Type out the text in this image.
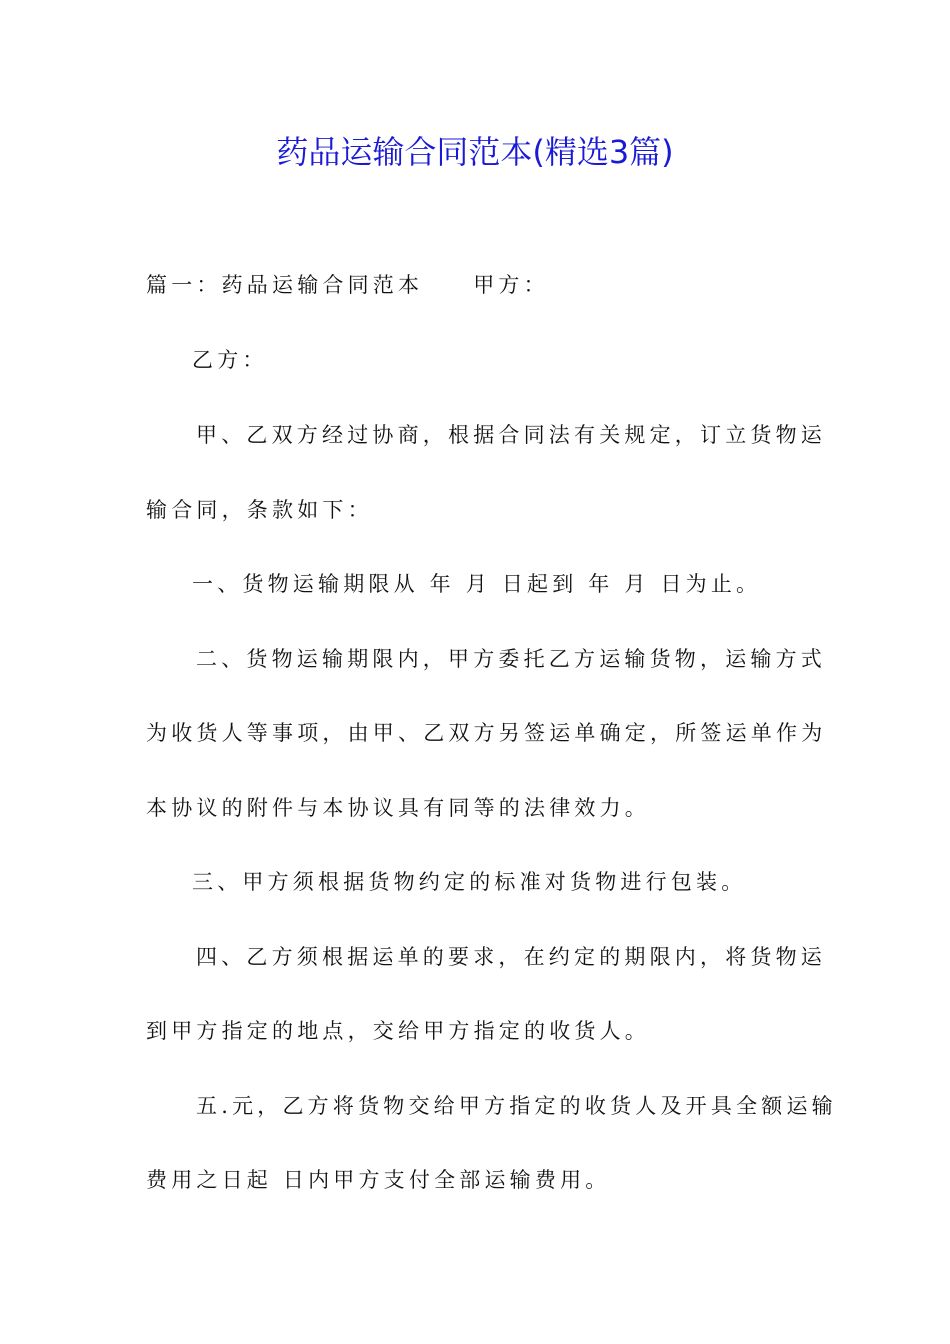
药品运输合同范本(精选3篇)
篇一：药品运输合同范本 甲方：
乙方：
甲、乙双方经过协商，根据合同法有关规定，订立货物运
输合同，条款如下：
一、货物运输期限从 年 月 日起到 年 月 日为止。
二、货物运输期限内，甲方委托乙方运输货物，运输方式
为收货人等事项，由甲、乙双方另签运单确定，所签运单作为
本协议的附件与本协议具有同等的法律效力。
三、甲方须根据货物约定的标准对货物进行包装。
四、乙方须根据运单的要求，在约定的期限内，将货物运
到甲方指定的地点，交给甲方指定的收货人。
五.元，乙方将货物交给甲方指定的收货人及开具全额运输
费用之日起 日内甲方支付全部运输费用。
